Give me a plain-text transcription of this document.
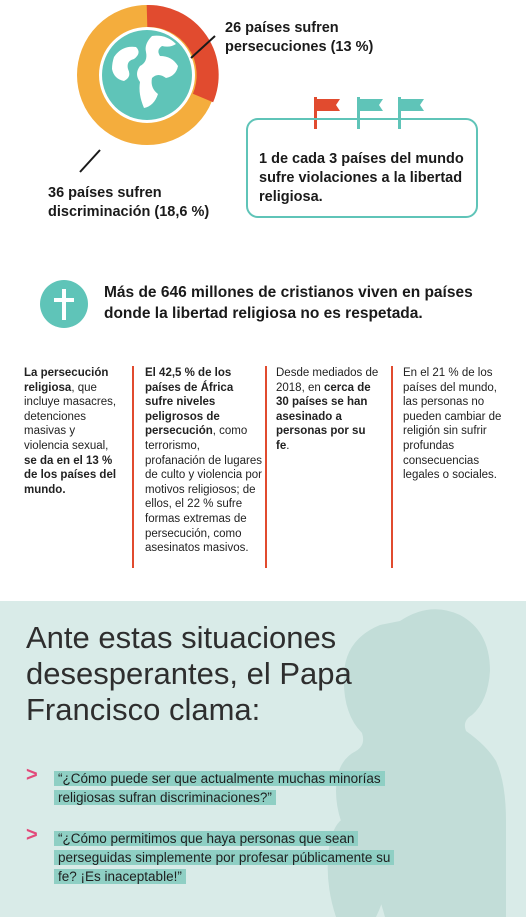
26 países sufren persecuciones (13 %)
36 países sufren discriminación (18,6 %)
1 de cada 3 países del mundo sufre violaciones a la libertad religiosa.
Más de 646 millones de cristianos viven en países donde la libertad religiosa no es respetada.
La persecución religiosa, que incluye masacres, detenciones masivas y violencia sexual, se da en el 13 % de los países del mundo.
El 42,5 % de los países de África sufre niveles peligrosos de persecución, como terrorismo, profanación de lugares de culto y violencia por motivos religiosos; de ellos, el 22 % sufre formas extremas de persecución, como asesinatos masivos.
Desde mediados de 2018, en cerca de 30 países se han asesinado a personas por su fe.
En el 21 % de los países del mundo, las personas no pueden cambiar de religión sin sufrir profundas consecuencias legales o sociales.
Ante estas situaciones desesperantes, el Papa Francisco clama:
> “¿Cómo puede ser que actualmente muchas minorías religiosas sufran discriminaciones?”
> “¿Cómo permitimos que haya personas que sean perseguidas simplemente por profesar públicamente su fe? ¡Es inaceptable!”
